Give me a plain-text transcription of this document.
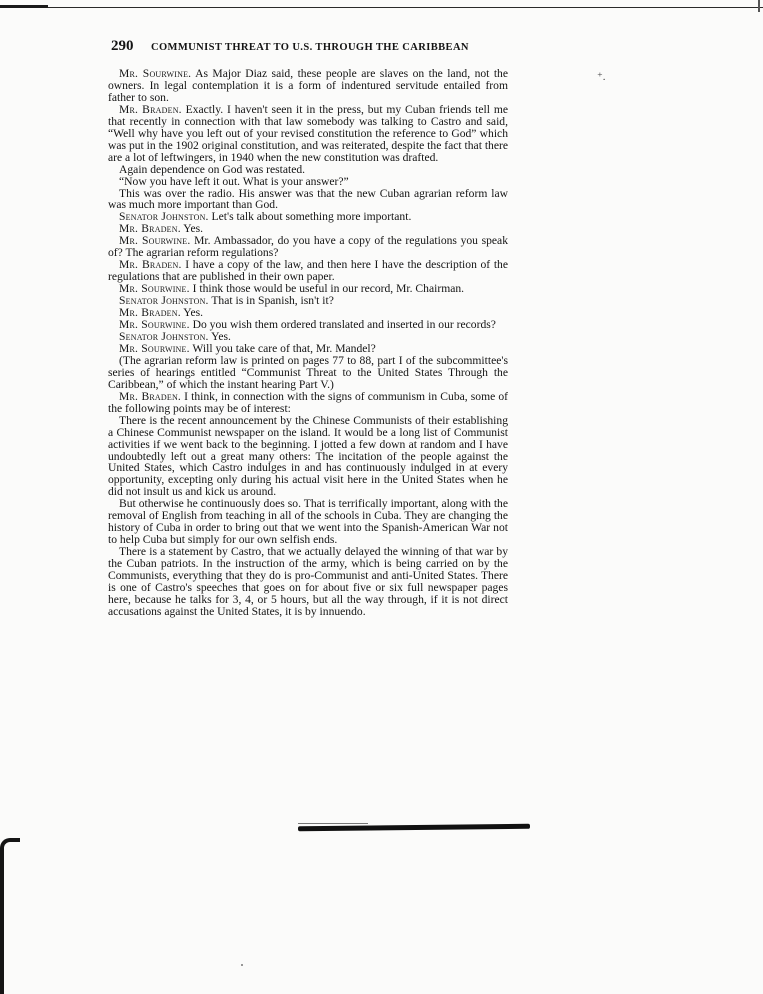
290 COMMUNIST THREAT TO U.S. THROUGH THE CARIBBEAN
⁺.

Mr. Sourwine. As Major Diaz said, these people are slaves on the land, not the owners. In legal contemplation it is a form of indentured servitude entailed from father to son.

Mr. Braden. Exactly. I haven't seen it in the press, but my Cuban friends tell me that recently in connection with that law somebody was talking to Castro and said, “Well why have you left out of your revised constitution the reference to God” which was put in the 1902 original constitution, and was reiterated, despite the fact that there are a lot of leftwingers, in 1940 when the new constitution was drafted.

Again dependence on God was restated.

“Now you have left it out. What is your answer?”

This was over the radio. His answer was that the new Cuban agrarian reform law was much more important than God.

Senator Johnston. Let's talk about something more important.

Mr. Braden. Yes.

Mr. Sourwine. Mr. Ambassador, do you have a copy of the regulations you speak of? The agrarian reform regulations?

Mr. Braden. I have a copy of the law, and then here I have the description of the regulations that are published in their own paper.

Mr. Sourwine. I think those would be useful in our record, Mr. Chairman.

Senator Johnston. That is in Spanish, isn't it?

Mr. Braden. Yes.

Mr. Sourwine. Do you wish them ordered translated and inserted in our records?

Senator Johnston. Yes.

Mr. Sourwine. Will you take care of that, Mr. Mandel?

(The agrarian reform law is printed on pages 77 to 88, part I of the subcommittee's series of hearings entitled “Communist Threat to the United States Through the Caribbean,” of which the instant hearing Part V.)

Mr. Braden. I think, in connection with the signs of communism in Cuba, some of the following points may be of interest:

There is the recent announcement by the Chinese Communists of their establishing a Chinese Communist newspaper on the island. It would be a long list of Communist activities if we went back to the beginning. I jotted a few down at random and I have undoubtedly left out a great many others: The incitation of the people against the United States, which Castro indulges in and has continuously indulged in at every opportunity, excepting only during his actual visit here in the United States when he did not insult us and kick us around.

But otherwise he continuously does so. That is terrifically important, along with the removal of English from teaching in all of the schools in Cuba. They are changing the history of Cuba in order to bring out that we went into the Spanish-American War not to help Cuba but simply for our own selfish ends.

There is a statement by Castro, that we actually delayed the winning of that war by the Cuban patriots. In the instruction of the army, which is being carried on by the Communists, everything that they do is pro-Communist and anti-United States. There is one of Castro's speeches that goes on for about five or six full newspaper pages here, because he talks for 3, 4, or 5 hours, but all the way through, if it is not direct accusations against the United States, it is by innuendo.
